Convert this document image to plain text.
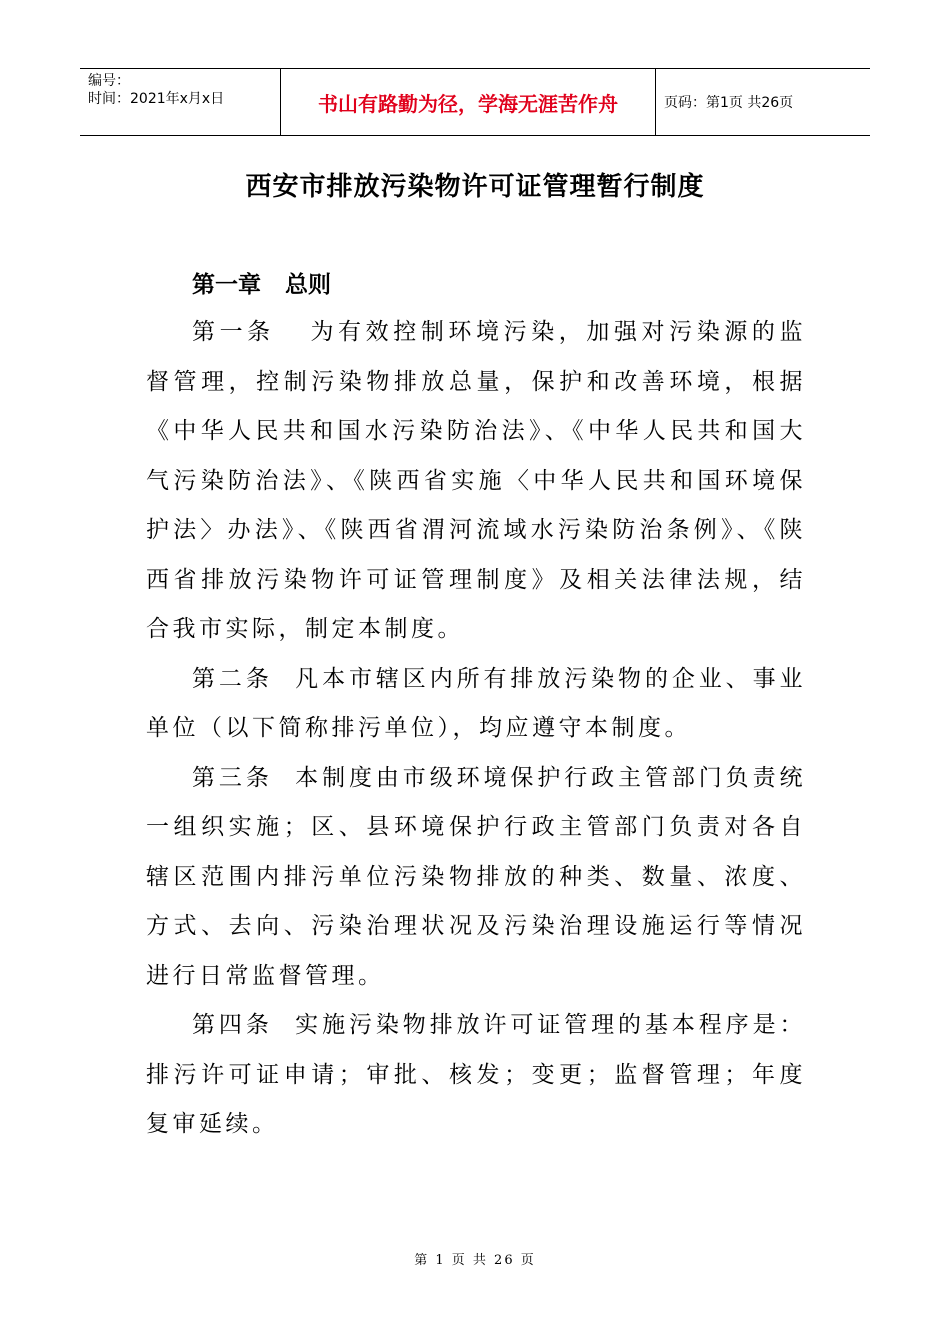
编号：
时间：2021年x月x日	书山有路勤为径，学海无涯苦作舟	页码：第1页 共26页
西安市排放污染物许可证管理暂行制度
第一章   总则

第一条   为有效控制环境污染，加强对污染源的监督管理，控制污染物排放总量，保护和改善环境，根据《中华人民共和国水污染防治法》、《中华人民共和国大气污染防治法》、《陕西省实施〈中华人民共和国环境保护法〉办法》、《陕西省渭河流域水污染防治条例》、《陕西省排放污染物许可证管理制度》及相关法律法规，结合我市实际，制定本制度。

第二条  凡本市辖区内所有排放污染物的企业、事业单位（以下简称排污单位），均应遵守本制度。

第三条  本制度由市级环境保护行政主管部门负责统一组织实施；区、县环境保护行政主管部门负责对各自辖区范围内排污单位污染物排放的种类、数量、浓度、方式、去向、污染治理状况及污染治理设施运行等情况进行日常监督管理。

第四条  实施污染物排放许可证管理的基本程序是：排污许可证申请；审批、核发；变更；监督管理；年度复审延续。

第 1 页 共 26 页
